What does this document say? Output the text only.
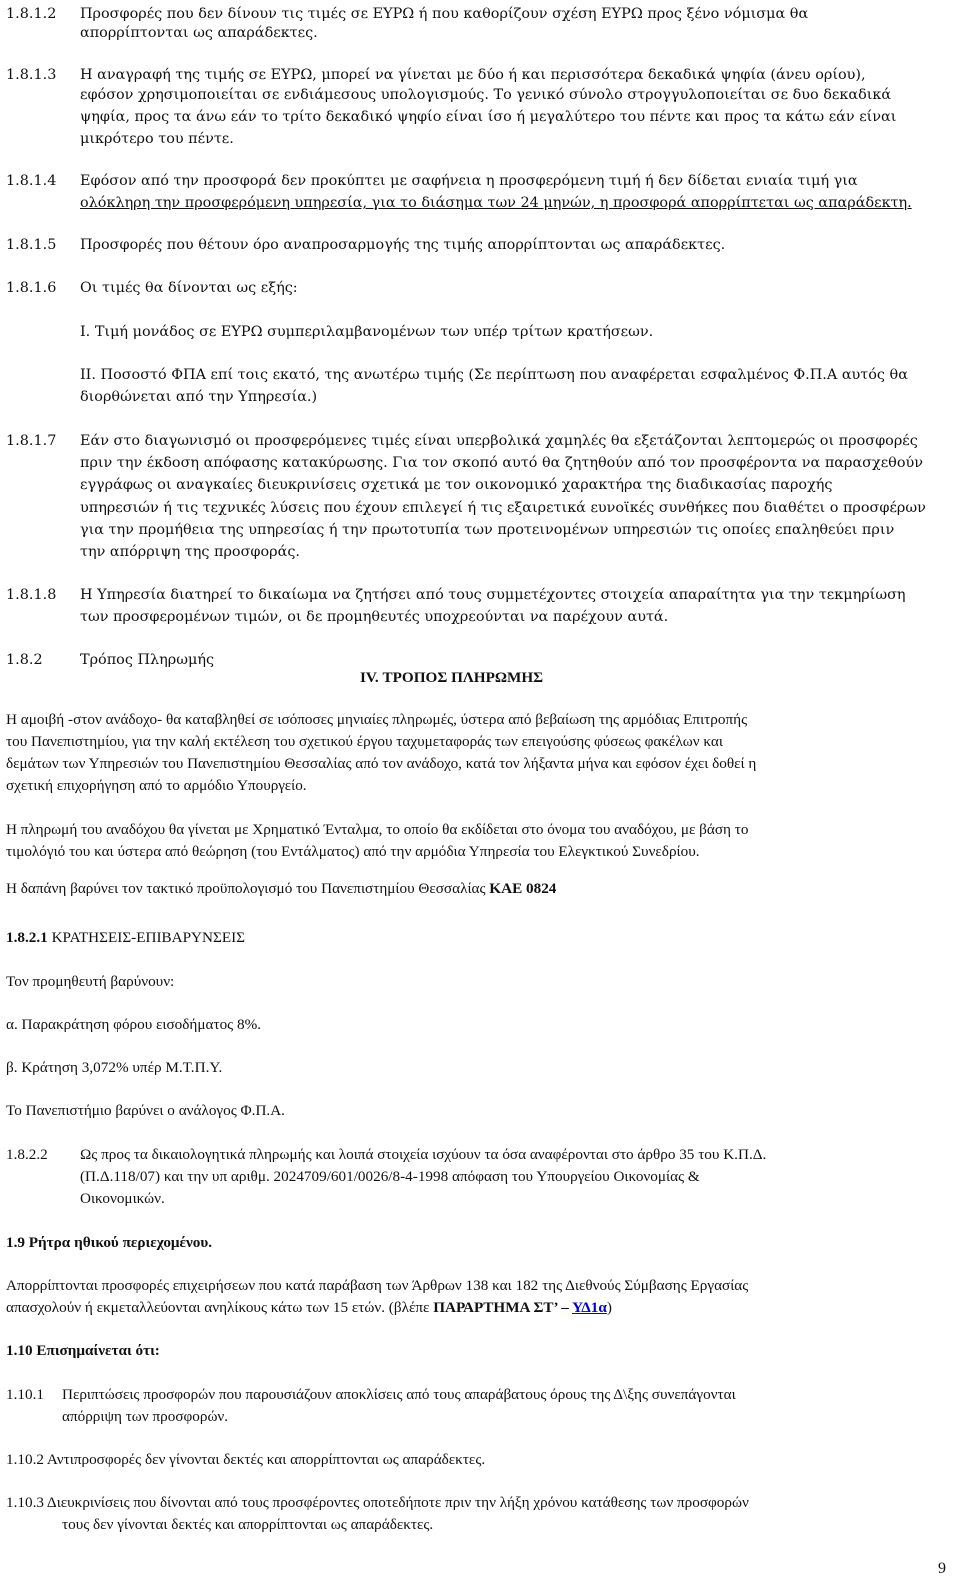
1.8.1.2 Προσφορές που δεν δίνουν τις τιμές σε ΕΥΡΩ ή που καθορίζουν σχέση ΕΥΡΩ προς ξένο νόμισμα θα
απορρίπτονται ως απαράδεκτες.
1.8.1.3 Η αναγραφή της τιμής σε ΕΥΡΩ, μπορεί να γίνεται με δύο ή και περισσότερα δεκαδικά ψηφία (άνευ ορίου),
εφόσον χρησιμοποιείται σε ενδιάμεσους υπολογισμούς. Το γενικό σύνολο στρογγυλοποιείται σε δυο δεκαδικά
ψηφία, προς τα άνω εάν το τρίτο δεκαδικό ψηφίο είναι ίσο ή μεγαλύτερο του πέντε και προς τα κάτω εάν είναι
μικρότερο του πέντε.
1.8.1.4 Εφόσον από την προσφορά δεν προκύπτει με σαφήνεια η προσφερόμενη τιμή ή δεν δίδεται ενιαία τιμή για
ολόκληρη την προσφερόμενη υπηρεσία, για το διάσημα των 24 μηνών, η προσφορά απορρίπτεται ως απαράδεκτη.
1.8.1.5 Προσφορές που θέτουν όρο αναπροσαρμογής της τιμής απορρίπτονται ως απαράδεκτες.
1.8.1.6 Οι τιμές θα δίνονται ως εξής:
Ι. Τιμή μονάδος σε ΕΥΡΩ συμπεριλαμβανομένων των υπέρ τρίτων κρατήσεων.
ΙΙ. Ποσοστό ΦΠΑ επί τοις εκατό, της ανωτέρω τιμής (Σε περίπτωση που αναφέρεται εσφαλμένος Φ.Π.Α αυτός θα
διορθώνεται από την Υπηρεσία.)
1.8.1.7 Εάν στο διαγωνισμό οι προσφερόμενες τιμές είναι υπερβολικά χαμηλές θα εξετάζονται λεπτομερώς οι προσφορές
πριν την έκδοση απόφασης κατακύρωσης. Για τον σκοπό αυτό θα ζητηθούν από τον προσφέροντα να παρασχεθούν
εγγράφως οι αναγκαίες διευκρινίσεις σχετικά με τον οικονομικό χαρακτήρα της διαδικασίας παροχής
υπηρεσιών ή τις τεχνικές λύσεις που έχουν επιλεγεί ή τις εξαιρετικά ευνοϊκές συνθήκες που διαθέτει ο προσφέρων
για την προμήθεια της υπηρεσίας ή την πρωτοτυπία των προτεινομένων υπηρεσιών τις οποίες επαληθεύει πριν
την απόρριψη της προσφοράς.
1.8.1.8 Η Υπηρεσία διατηρεί το δικαίωμα να ζητήσει από τους συμμετέχοντες στοιχεία απαραίτητα για την τεκμηρίωση
των προσφερομένων τιμών, οι δε προμηθευτές υποχρεούνται να παρέχουν αυτά.
1.8.2	Τρόπος Πληρωμής
IV. ΤΡΟΠΟΣ ΠΛΗΡΩΜΗΣ
Η αμοιβή -στον ανάδοχο- θα καταβληθεί σε ισόποσες μηνιαίες πληρωμές, ύστερα από βεβαίωση της αρμόδιας Επιτροπής
του Πανεπιστημίου, για την καλή εκτέλεση του σχετικού έργου ταχυμεταφοράς των επειγούσης φύσεως φακέλων και
δεμάτων των Υπηρεσιών του Πανεπιστημίου Θεσσαλίας από τον ανάδοχο, κατά τον λήξαντα μήνα και εφόσον έχει δοθεί η
σχετική επιχορήγηση από το αρμόδιο Υπουργείο.
Η πληρωμή του αναδόχου θα γίνεται με Χρηματικό Ένταλμα, το οποίο θα εκδίδεται στο όνομα του αναδόχου, με βάση το
τιμολόγιό του και ύστερα από θεώρηση (του Εντάλματος) από την αρμόδια Υπηρεσία του Ελεγκτικού Συνεδρίου.
Η δαπάνη βαρύνει τον τακτικό προϋπολογισμό του Πανεπιστημίου Θεσσαλίας ΚΑΕ 0824
1.8.2.1 ΚΡΑΤΗΣΕΙΣ-ΕΠΙΒΑΡΥΝΣΕΙΣ
Τον προμηθευτή βαρύνουν:
α. Παρακράτηση φόρου εισοδήματος 8%.
β. Κράτηση 3,072% υπέρ Μ.Τ.Π.Υ.
Το Πανεπιστήμιο βαρύνει ο ανάλογος Φ.Π.Α.
1.8.2.2 Ως προς τα δικαιολογητικά πληρωμής και λοιπά στοιχεία ισχύουν τα όσα αναφέρονται στο άρθρο 35 του Κ.Π.Δ.
(Π.Δ.118/07) και την υπ αριθμ. 2024709/601/0026/8-4-1998 απόφαση του Υπουργείου Οικονομίας &
Οικονομικών.
1.9 Ρήτρα ηθικού περιεχομένου.
Απορρίπτονται προσφορές επιχειρήσεων που κατά παράβαση των Άρθρων 138 και 182 της Διεθνούς Σύμβασης Εργασίας
απασχολούν ή εκμεταλλεύονται ανηλίκους κάτω των 15 ετών. (βλέπε ΠΑΡΑΡΤΗΜΑ ΣΤ’ – ΥΔ1α)
1.10 Επισημαίνεται ότι:
1.10.1 Περιπτώσεις προσφορών που παρουσιάζουν αποκλίσεις από τους απαράβατους όρους της Δ\ξης συνεπάγονται
απόρριψη των προσφορών.
1.10.2 Αντιπροσφορές δεν γίνονται δεκτές και απορρίπτονται ως απαράδεκτες.
1.10.3 Διευκρινίσεις που δίνονται από τους προσφέροντες οποτεδήποτε πριν την λήξη χρόνου κατάθεσης των προσφορών
τους δεν γίνονται δεκτές και απορρίπτονται ως απαράδεκτες.
9
